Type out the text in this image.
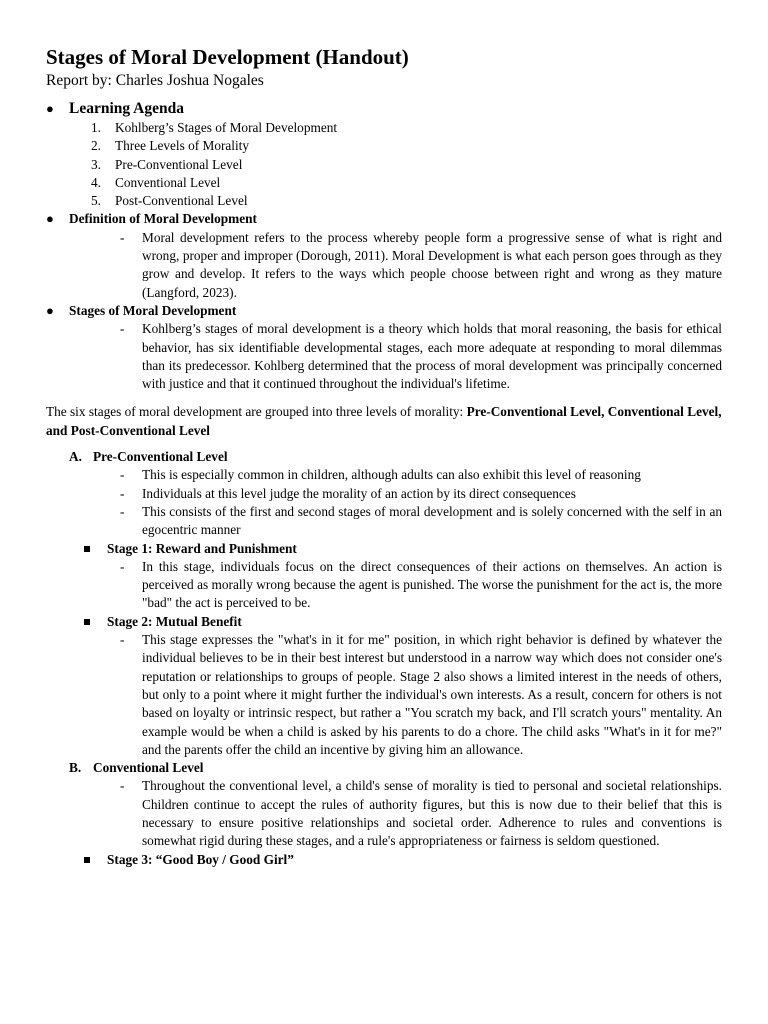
Stages of Moral Development (Handout)
Report by: Charles Joshua Nogales
● Learning Agenda
1.	Kohlberg’s Stages of Moral Development
2.	Three Levels of Morality
3.	Pre-Conventional Level
4.	Conventional Level
5.	Post-Conventional Level
● Definition of Moral Development
- Moral development refers to the process whereby people form a progressive sense of what is right and wrong, proper and improper (Dorough, 2011). Moral Development is what each person goes through as they grow and develop. It refers to the ways which people choose between right and wrong as they mature (Langford, 2023).
● Stages of Moral Development
- Kohlberg’s stages of moral development is a theory which holds that moral reasoning, the basis for ethical behavior, has six identifiable developmental stages, each more adequate at responding to moral dilemmas than its predecessor. Kohlberg determined that the process of moral development was principally concerned with justice and that it continued throughout the individual's lifetime.
The six stages of moral development are grouped into three levels of morality: Pre-Conventional Level, Conventional Level, and Post-Conventional Level
A. Pre-Conventional Level
- This is especially common in children, although adults can also exhibit this level of reasoning
- Individuals at this level judge the morality of an action by its direct consequences
- This consists of the first and second stages of moral development and is solely concerned with the self in an egocentric manner
Stage 1: Reward and Punishment
- In this stage, individuals focus on the direct consequences of their actions on themselves. An action is perceived as morally wrong because the agent is punished. The worse the punishment for the act is, the more "bad" the act is perceived to be.
Stage 2: Mutual Benefit
- This stage expresses the "what's in it for me" position, in which right behavior is defined by whatever the individual believes to be in their best interest but understood in a narrow way which does not consider one's reputation or relationships to groups of people. Stage 2 also shows a limited interest in the needs of others, but only to a point where it might further the individual's own interests. As a result, concern for others is not based on loyalty or intrinsic respect, but rather a "You scratch my back, and I'll scratch yours" mentality. An example would be when a child is asked by his parents to do a chore. The child asks "What's in it for me?" and the parents offer the child an incentive by giving him an allowance.
B. Conventional Level
- Throughout the conventional level, a child's sense of morality is tied to personal and societal relationships. Children continue to accept the rules of authority figures, but this is now due to their belief that this is necessary to ensure positive relationships and societal order. Adherence to rules and conventions is somewhat rigid during these stages, and a rule's appropriateness or fairness is seldom questioned.
Stage 3: “Good Boy / Good Girl”
